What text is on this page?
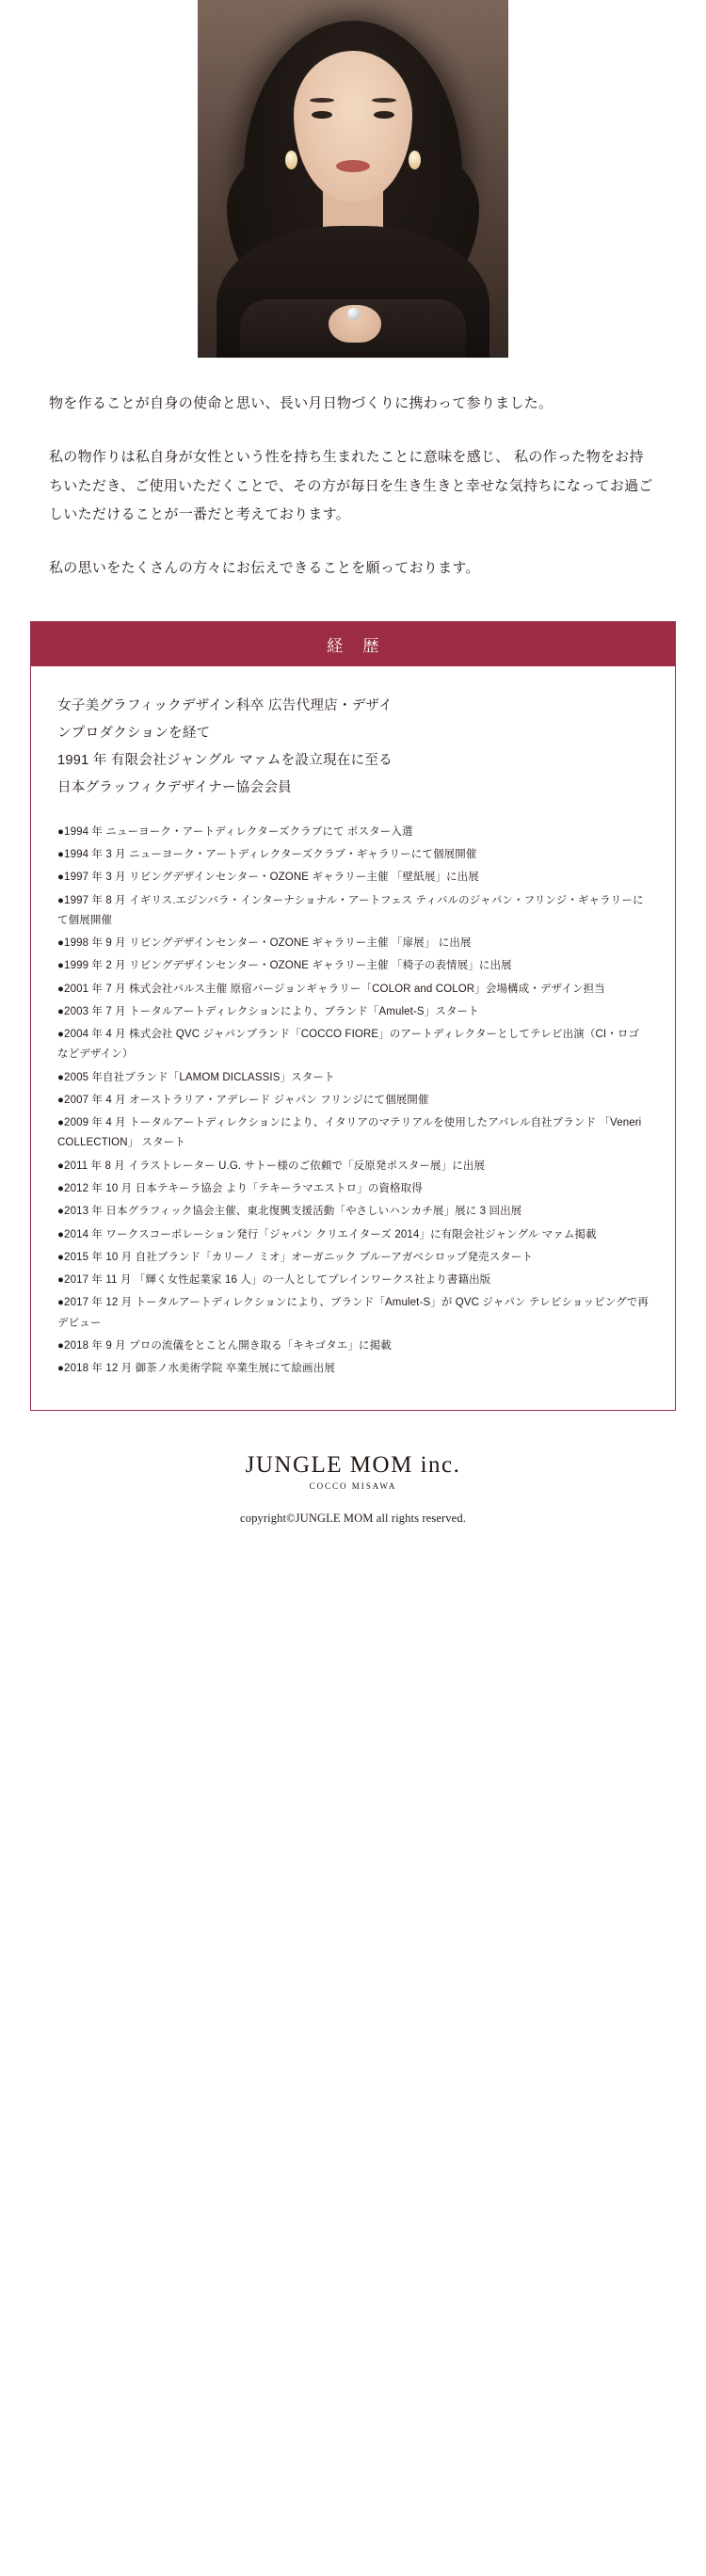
物を作ることが自身の使命と思い、長い月日物づくりに携わって参りました。

私の物作りは私自身が女性という性を持ち生まれたことに意味を感じ、 私の作った物をお持ちいただき、ご使用いただくことで、その方が毎日を生き生きと幸せな気持ちになってお過ごしいただけることが一番だと考えております。

私の思いをたくさんの方々にお伝えできることを願っております。

経 歴
女子美グラフィックデザイン科卒 広告代理店・デザイ
ンプロダクションを経て
1991 年 有限会社ジャングル マァムを設立現在に至る
日本グラッフィクデザイナー協会会員
●1994 年 ニューヨーク・アートディレクターズクラブにて ポスター入選
●1994 年 3 月 ニューヨーク・アートディレクターズクラブ・ギャラリーにて個展開催
●1997 年 3 月 リビングデザインセンター・OZONE ギャラリー主催 「壁紙展」に出展
●1997 年 8 月 イギリス.エジンバラ・インターナショナル・アートフェス ティバルのジャパン・フリンジ・ギャラリーにて個展開催
●1998 年 9 月 リビングデザインセンター・OZONE ギャラリー主催 「扉展」 に出展
●1999 年 2 月 リビングデザインセンター・OZONE ギャラリー主催 「椅子の表情展」に出展
●2001 年 7 月 株式会社バルス主催 原宿バージョンギャラリー「COLOR and COLOR」会場構成・デザイン担当
●2003 年 7 月 トータルアートディレクションにより、ブランド「Amulet-S」スタート
●2004 年 4 月 株式会社 QVC ジャパンブランド「COCCO FIORE」のアートディレクターとしてテレビ出演（CI・ロゴなどデザイン）
●2005 年自社ブランド「LAMOM DICLASSIS」スタート
●2007 年 4 月 オーストラリア・アデレード ジャパン フリンジにて個展開催
●2009 年 4 月 トータルアートディレクションにより、イタリアのマテリアルを使用したアパレル自社ブランド 「Veneri COLLECTION」 スタート
●2011 年 8 月 イラストレーター U.G. サトー様のご依頼で「反原発ポスター展」に出展
●2012 年 10 月 日本テキーラ協会 より「テキーラマエストロ」の資格取得
●2013 年 日本グラフィック協会主催、東北復興支援活動「やさしいハンカチ展」展に 3 回出展
●2014 年 ワークスコーポレーション発行「ジャパン クリエイターズ 2014」に有限会社ジャングル マァム掲載
●2015 年 10 月 自社ブランド「カリーノ ミオ」オーガニック ブルーアガベシロップ発売スタート
●2017 年 11 月 「輝く女性起業家 16 人」の一人としてプレインワークス社より書籍出版
●2017 年 12 月 トータルアートディレクションにより、ブランド「Amulet-S」が QVC ジャパン テレビショッピングで再デビュー
●2018 年 9 月 プロの流儀をとことん開き取る「キキゴタエ」に掲載
●2018 年 12 月 御茶ノ水美術学院 卒業生展にて絵画出展

JUNGLE MOM inc.

COCCO MISAWA

copyright©JUNGLE MOM all rights reserved.
